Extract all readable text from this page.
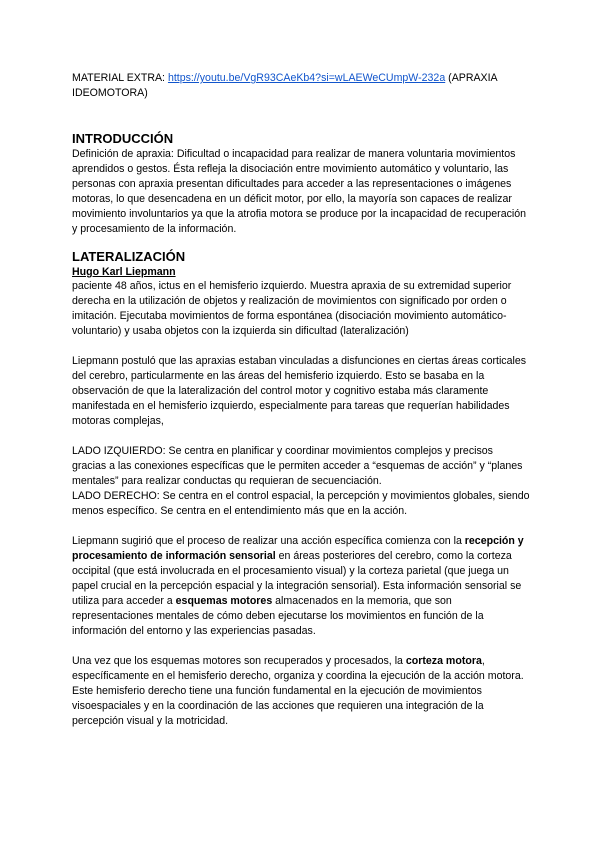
MATERIAL EXTRA: https://youtu.be/VgR93CAeKb4?si=wLAEWeCUmpW-232a (APRAXIA IDEOMOTORA)

INTRODUCCIÓN

Definición de apraxia: Dificultad o incapacidad para realizar de manera voluntaria movimientos aprendidos o gestos. Ésta refleja la disociación entre movimiento automático y voluntario, las personas con apraxia presentan dificultades para acceder a las representaciones o imágenes motoras, lo que desencadena en un déficit motor, por ello, la mayoría son capaces de realizar movimiento involuntarios ya que la atrofia motora se produce por la incapacidad de recuperación y procesamiento de la información.

LATERALIZACIÓN

Hugo Karl Liepmann

paciente 48 años, ictus en el hemisferio izquierdo. Muestra apraxia de su extremidad superior derecha en la utilización de objetos y realización de movimientos con significado por orden o imitación. Ejecutaba movimientos de forma espontánea (disociación movimiento automático-voluntario) y usaba objetos con la izquierda sin dificultad (lateralización)

Liepmann postuló que las apraxias estaban vinculadas a disfunciones en ciertas áreas corticales del cerebro, particularmente en las áreas del hemisferio izquierdo. Esto se basaba en la observación de que la lateralización del control motor y cognitivo estaba más claramente manifestada en el hemisferio izquierdo, especialmente para tareas que requerían habilidades motoras complejas,

LADO IZQUIERDO: Se centra en planificar y coordinar movimientos complejos y precisos gracias a las conexiones específicas que le permiten acceder a “esquemas de acción” y “planes mentales” para realizar conductas qu requieran de secuenciación.

LADO DERECHO: Se centra en el control espacial, la percepción y movimientos globales, siendo menos específico. Se centra en el entendimiento más que en la acción.

Liepmann sugirió que el proceso de realizar una acción específica comienza con la recepción y procesamiento de información sensorial en áreas posteriores del cerebro, como la corteza occipital (que está involucrada en el procesamiento visual) y la corteza parietal (que juega un papel crucial en la percepción espacial y la integración sensorial). Esta información sensorial se utiliza para acceder a esquemas motores almacenados en la memoria, que son representaciones mentales de cómo deben ejecutarse los movimientos en función de la información del entorno y las experiencias pasadas.

Una vez que los esquemas motores son recuperados y procesados, la corteza motora, específicamente en el hemisferio derecho, organiza y coordina la ejecución de la acción motora. Este hemisferio derecho tiene una función fundamental en la ejecución de movimientos visoespaciales y en la coordinación de las acciones que requieren una integración de la percepción visual y la motricidad.
